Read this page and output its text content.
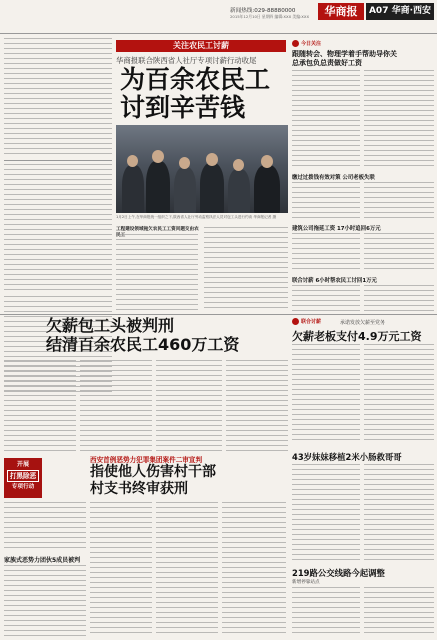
新闻热线:029-88880000
2015年12月10日 星期四 编辑:XXX 美编:XXX	华商报	A07 华商·西安
关注农民工讨薪
华商报联合陕西省人社厅专项讨薪行动收尾
为百余农民工
讨到辛苦钱
1月2日上午,在华商报统一组织之下,陕西省人社厅劳动监察执法人员对包工头进行约谈 华商报记者 摄
工程建设领域拖欠农民工工资问题交由农民工
今日关注
跟随转会、物理学着手帮助导你关
总承包负总责做好工资
缴过过拨钱有效对策 公司老板失联
建筑公司拖延工资 17小时追回6万元
联合讨薪 6小时帮农民工讨回1万元
欠薪包工头被判刑
结清百余农民工460万工资
联合讨薪	承诺发放欠薪至党务
欠薪老板支付4.9万元工资
西安首例恶势力犯罪集团案件二审宣判
开展
打黑除恶
专项行动
指使他人伤害村干部
村支书终审获刑
家族式恶势力团伙5成员被判
43岁妹妹移植2米小肠救哥哥
219路公交线路今起调整
新增停靠站点
